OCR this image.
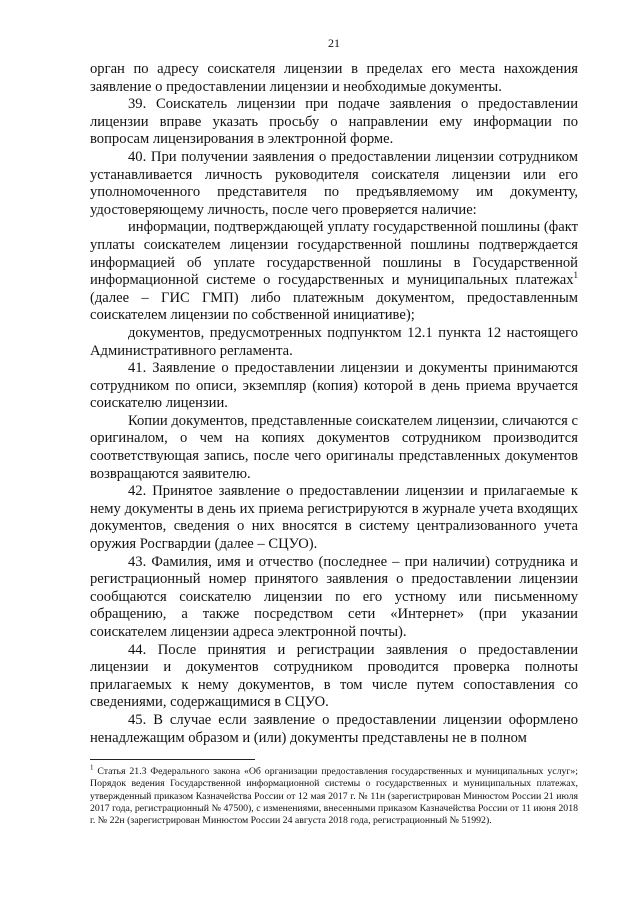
21

орган по адресу соискателя лицензии в пределах его места нахождения заявление о предоставлении лицензии и необходимые документы.

39. Соискатель лицензии при подаче заявления о предоставлении лицензии вправе указать просьбу о направлении ему информации по вопросам лицензирования в электронной форме.

40. При получении заявления о предоставлении лицензии сотрудником устанавливается личность руководителя соискателя лицензии или его уполномоченного представителя по предъявляемому им документу, удостоверяющему личность, после чего проверяется наличие:

информации, подтверждающей уплату государственной пошлины (факт уплаты соискателем лицензии государственной пошлины подтверждается информацией об уплате государственной пошлины в Государственной информационной системе о государственных и муниципальных платежах$^1$ (далее – ГИС ГМП) либо платежным документом, предоставленным соискателем лицензии по собственной инициативе);

документов, предусмотренных подпунктом 12.1 пункта 12 настоящего Административного регламента.

41. Заявление о предоставлении лицензии и документы принимаются сотрудником по описи, экземпляр (копия) которой в день приема вручается соискателю лицензии.

Копии документов, представленные соискателем лицензии, сличаются с оригиналом, о чем на копиях документов сотрудником производится соответствующая запись, после чего оригиналы представленных документов возвращаются заявителю.

42. Принятое заявление о предоставлении лицензии и прилагаемые к нему документы в день их приема регистрируются в журнале учета входящих документов, сведения о них вносятся в систему централизованного учета оружия Росгвардии (далее – СЦУО).

43. Фамилия, имя и отчество (последнее – при наличии) сотрудника и регистрационный номер принятого заявления о предоставлении лицензии сообщаются соискателю лицензии по его устному или письменному обращению, а также посредством сети «Интернет» (при указании соискателем лицензии адреса электронной почты).

44. После принятия и регистрации заявления о предоставлении лицензии и документов сотрудником проводится проверка полноты прилагаемых к нему документов, в том числе путем сопоставления со сведениями, содержащимися в СЦУО.

45. В случае если заявление о предоставлении лицензии оформлено ненадлежащим образом и (или) документы представлены не в полном

$^1$ Статья 21.3 Федерального закона «Об организации предоставления государственных и муниципальных услуг»; Порядок ведения Государственной информационной системы о государственных и муниципальных платежах, утвержденный приказом Казначейства России от 12 мая 2017 г. № 11н (зарегистрирован Минюстом России 21 июля 2017 года, регистрационный № 47500), с изменениями, внесенными приказом Казначейства России от 11 июня 2018 г. № 22н (зарегистрирован Минюстом России 24 августа 2018 года, регистрационный № 51992).
